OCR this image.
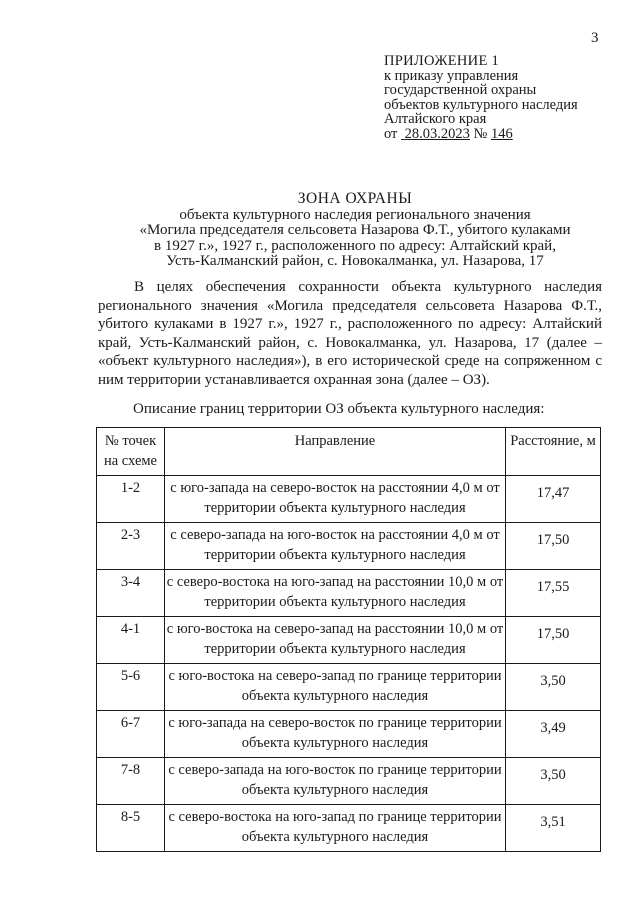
3
ПРИЛОЖЕНИЕ 1
к приказу управления
государственной охраны
объектов культурного наследия
Алтайского края
от 28.03.2023 № 146
ЗОНА ОХРАНЫ
объекта культурного наследия регионального значения
«Могила председателя сельсовета Назарова Ф.Т., убитого кулаками
в 1927 г.», 1927 г., расположенного по адресу: Алтайский край,
Усть-Калманский район, с. Новокалманка, ул. Назарова, 17
В целях обеспечения сохранности объекта культурного наследия регионального значения «Могила председателя сельсовета Назарова Ф.Т., убитого кулаками в 1927 г.», 1927 г., расположенного по адресу: Алтайский край, Усть-Калманский район, с. Новокалманка, ул. Назарова, 17 (далее – «объект культурного наследия»), в его исторической среде на сопряженном с ним территории устанавливается охранная зона (далее – ОЗ).
Описание границ территории ОЗ объекта культурного наследия:
№ точек на схеме	Направление	Расстояние, м
1-2	с юго-запада на северо-восток на расстоянии 4,0 м от территории объекта культурного наследия	17,47
2-3	с северо-запада на юго-восток на расстоянии 4,0 м от территории объекта культурного наследия	17,50
3-4	с северо-востока на юго-запад на расстоянии 10,0 м от территории объекта культурного наследия	17,55
4-1	с юго-востока на северо-запад на расстоянии 10,0 м от территории объекта культурного наследия	17,50
5-6	с юго-востока на северо-запад по границе территории объекта культурного наследия	3,50
6-7	с юго-запада на северо-восток по границе территории объекта культурного наследия	3,49
7-8	с северо-запада на юго-восток по границе территории объекта культурного наследия	3,50
8-5	с северо-востока на юго-запад по границе территории объекта культурного наследия	3,51
